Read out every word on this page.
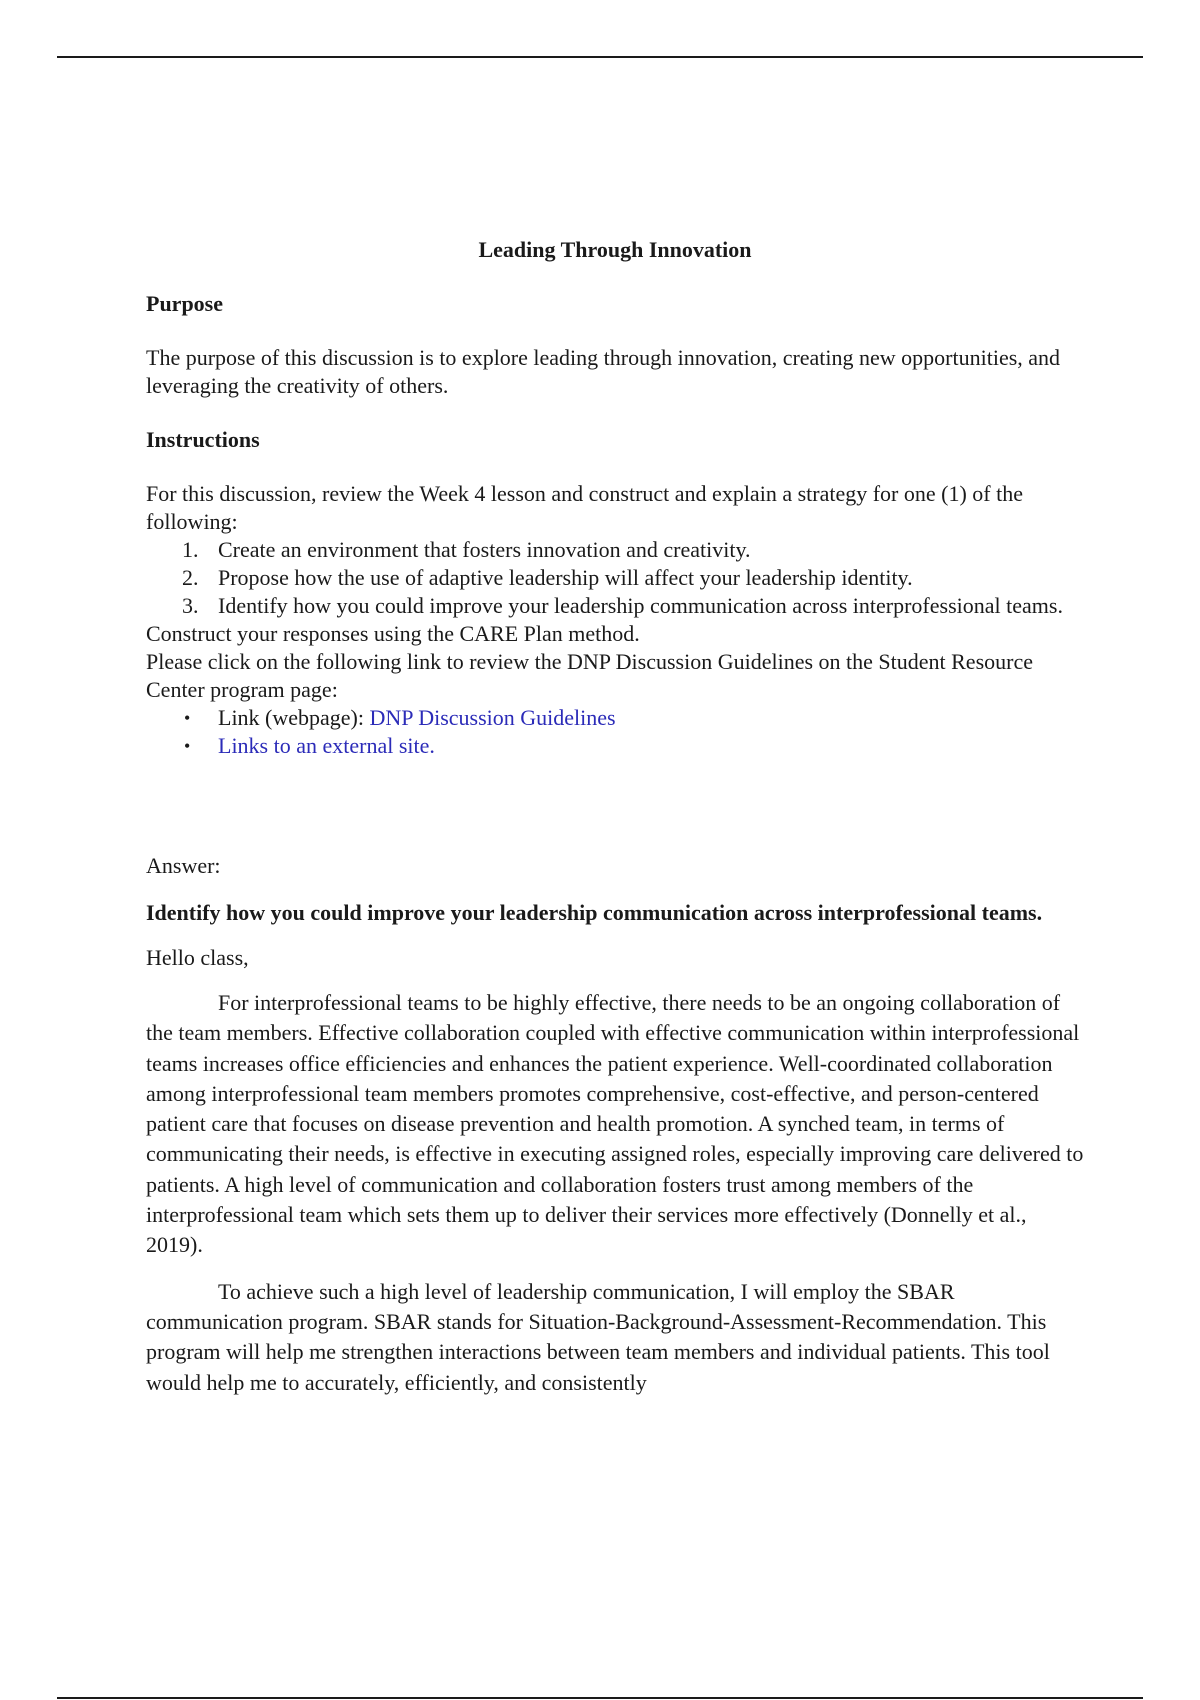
Leading Through Innovation
Purpose
The purpose of this discussion is to explore leading through innovation, creating new opportunities, and leveraging the creativity of others.
Instructions
For this discussion, review the Week 4 lesson and construct and explain a strategy for one (1) of the following:
1. Create an environment that fosters innovation and creativity.
2. Propose how the use of adaptive leadership will affect your leadership identity.
3. Identify how you could improve your leadership communication across interprofessional teams.
Construct your responses using the CARE Plan method.
Please click on the following link to review the DNP Discussion Guidelines on the Student Resource Center program page:
• Link (webpage): DNP Discussion Guidelines
• Links to an external site.
Answer:
Identify how you could improve your leadership communication across interprofessional teams.
Hello class,
For interprofessional teams to be highly effective, there needs to be an ongoing collaboration of the team members. Effective collaboration coupled with effective communication within interprofessional teams increases office efficiencies and enhances the patient experience. Well-coordinated collaboration among interprofessional team members promotes comprehensive, cost-effective, and person-centered patient care that focuses on disease prevention and health promotion. A synched team, in terms of communicating their needs, is effective in executing assigned roles, especially improving care delivered to patients. A high level of communication and collaboration fosters trust among members of the interprofessional team which sets them up to deliver their services more effectively (Donnelly et al., 2019).
To achieve such a high level of leadership communication, I will employ the SBAR communication program. SBAR stands for Situation-Background-Assessment-Recommendation. This program will help me strengthen interactions between team members and individual patients. This tool would help me to accurately, efficiently, and consistently
